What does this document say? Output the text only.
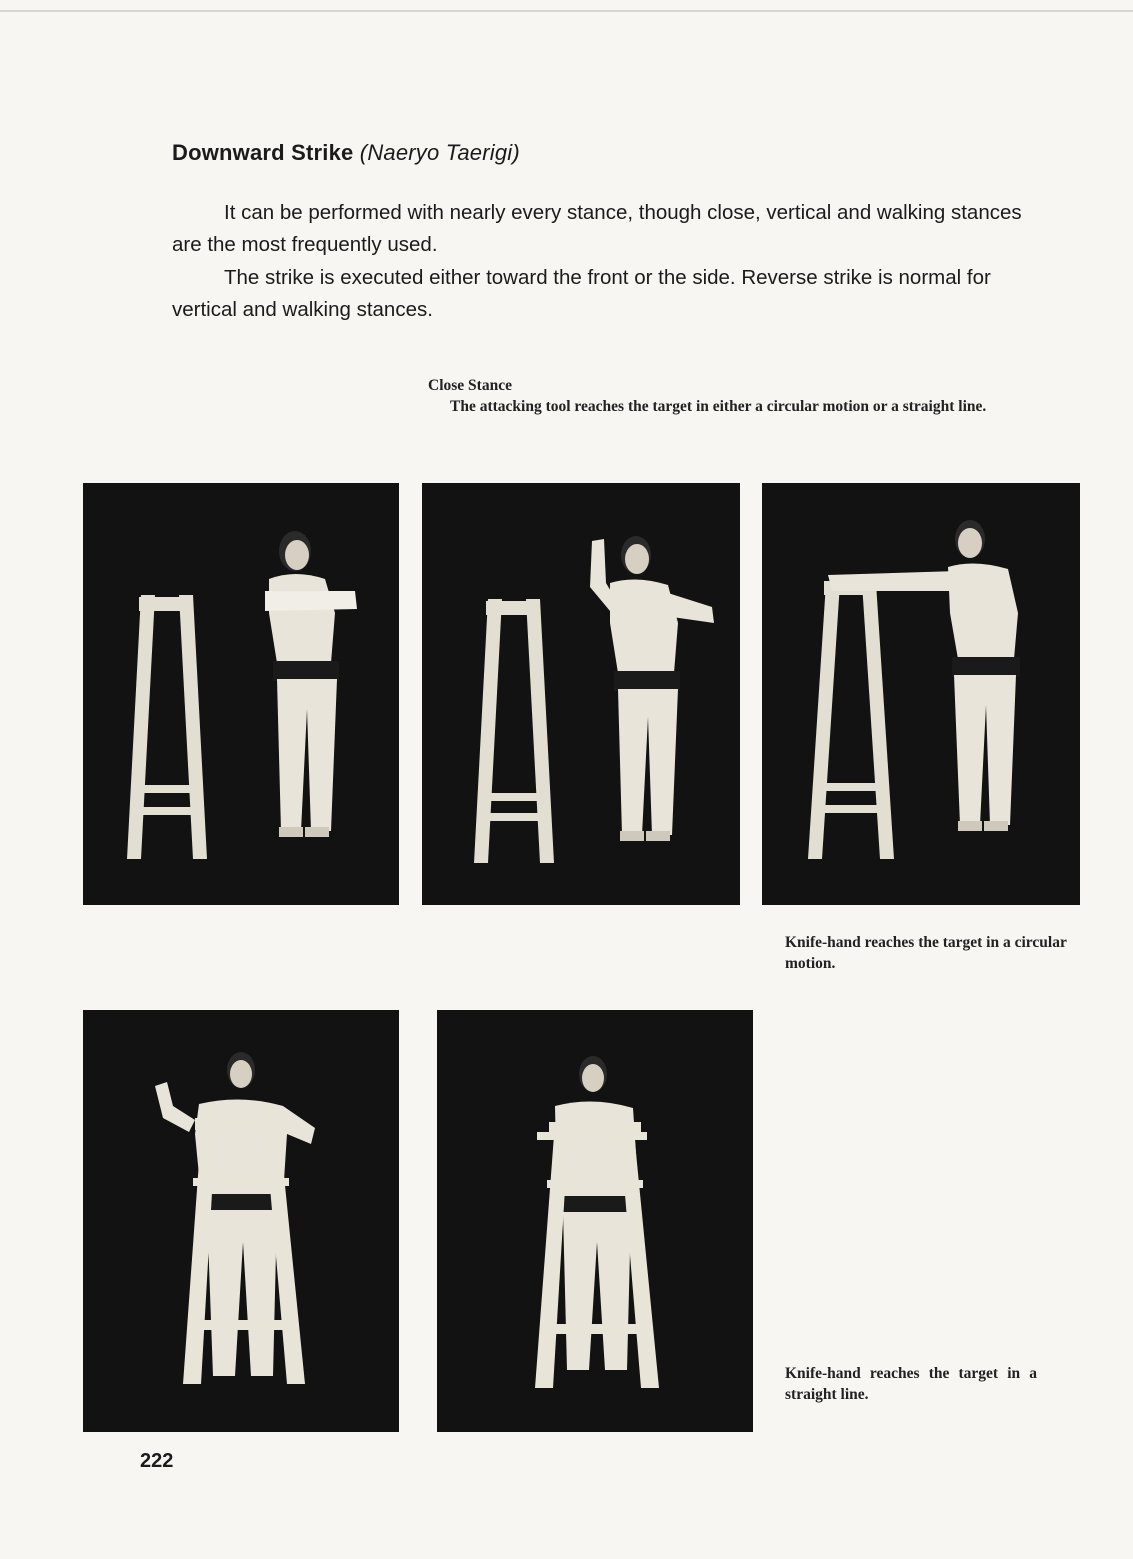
Downward Strike (Naeryo Taerigi)
It can be performed with nearly every stance, though close, vertical and walking stances are the most frequently used.
The strike is executed either toward the front or the side. Reverse strike is normal for vertical and walking stances.
Close Stance
The attacking tool reaches the target in either a circular motion or a straight line.
Knife-hand reaches the target in a circular motion.
Knife-hand reaches the target in a straight line.
222
